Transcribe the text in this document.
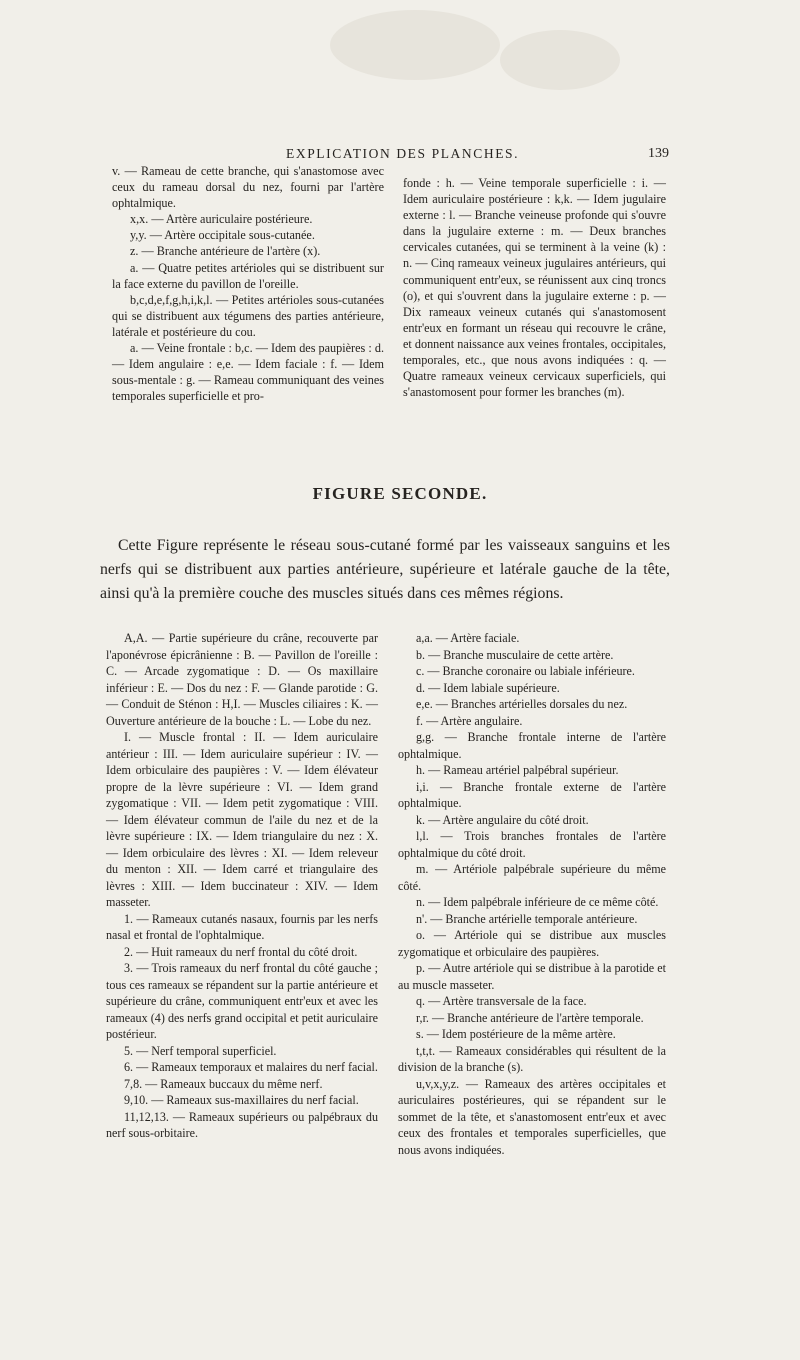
EXPLICATION DES PLANCHES.	139

v. — Rameau de cette branche, qui s'anastomose avec ceux du rameau dorsal du nez, fourni par l'artère ophtalmique.

x,x. — Artère auriculaire postérieure.

y,y. — Artère occipitale sous-cutanée.

z. — Branche antérieure de l'artère (x).

a. — Quatre petites artérioles qui se distribuent sur la face externe du pavillon de l'oreille.

b,c,d,e,f,g,h,i,k,l. — Petites artérioles sous-cutanées qui se distribuent aux tégumens des parties antérieure, latérale et postérieure du cou.

a. — Veine frontale : b,c. — Idem des paupières : d. — Idem angulaire : e,e. — Idem faciale : f. — Idem sous-mentale : g. — Rameau communiquant des veines temporales superficielle et pro-

fonde : h. — Veine temporale superficielle : i. — Idem auriculaire postérieure : k,k. — Idem jugulaire externe : l. — Branche veineuse profonde qui s'ouvre dans la jugulaire externe : m. — Deux branches cervicales cutanées, qui se terminent à la veine (k) : n. — Cinq rameaux veineux jugulaires antérieurs, qui communiquent entr'eux, se réunissent aux cinq troncs (o), et qui s'ouvrent dans la jugulaire externe : p. — Dix rameaux veineux cutanés qui s'anastomosent entr'eux en formant un réseau qui recouvre le crâne, et donnent naissance aux veines frontales, occipitales, temporales, etc., que nous avons indiquées : q. — Quatre rameaux veineux cervicaux superficiels, qui s'anastomosent pour former les branches (m).

FIGURE SECONDE.

Cette Figure représente le réseau sous-cutané formé par les vaisseaux sanguins et les nerfs qui se distribuent aux parties antérieure, supérieure et latérale gauche de la tête, ainsi qu'à la première couche des muscles situés dans ces mêmes régions.

A,A. — Partie supérieure du crâne, recouverte par l'aponévrose épicrânienne : B. — Pavillon de l'oreille : C. — Arcade zygomatique : D. — Os maxillaire inférieur : E. — Dos du nez : F. — Glande parotide : G. — Conduit de Sténon : H,I. — Muscles ciliaires : K. — Ouverture antérieure de la bouche : L. — Lobe du nez.

I. — Muscle frontal : II. — Idem auriculaire antérieur : III. — Idem auriculaire supérieur : IV. — Idem orbiculaire des paupières : V. — Idem élévateur propre de la lèvre supérieure : VI. — Idem grand zygomatique : VII. — Idem petit zygomatique : VIII. — Idem élévateur commun de l'aile du nez et de la lèvre supérieure : IX. — Idem triangulaire du nez : X. — Idem orbiculaire des lèvres : XI. — Idem releveur du menton : XII. — Idem carré et triangulaire des lèvres : XIII. — Idem buccinateur : XIV. — Idem masseter.

1. — Rameaux cutanés nasaux, fournis par les nerfs nasal et frontal de l'ophtalmique.

2. — Huit rameaux du nerf frontal du côté droit.

3. — Trois rameaux du nerf frontal du côté gauche ; tous ces rameaux se répandent sur la partie antérieure et supérieure du crâne, communiquent entr'eux et avec les rameaux (4) des nerfs grand occipital et petit auriculaire postérieur.

5. — Nerf temporal superficiel.

6. — Rameaux temporaux et malaires du nerf facial.

7,8. — Rameaux buccaux du même nerf.

9,10. — Rameaux sus-maxillaires du nerf facial.

11,12,13. — Rameaux supérieurs ou palpébraux du nerf sous-orbitaire.

a,a. — Artère faciale.

b. — Branche musculaire de cette artère.

c. — Branche coronaire ou labiale inférieure.

d. — Idem labiale supérieure.

e,e. — Branches artérielles dorsales du nez.

f. — Artère angulaire.

g,g. — Branche frontale interne de l'artère ophtalmique.

h. — Rameau artériel palpébral supérieur.

i,i. — Branche frontale externe de l'artère ophtalmique.

k. — Artère angulaire du côté droit.

l,l. — Trois branches frontales de l'artère ophtalmique du côté droit.

m. — Artériole palpébrale supérieure du même côté.

n. — Idem palpébrale inférieure de ce même côté.

n'. — Branche artérielle temporale antérieure.

o. — Artériole qui se distribue aux muscles zygomatique et orbiculaire des paupières.

p. — Autre artériole qui se distribue à la parotide et au muscle masseter.

q. — Artère transversale de la face.

r,r. — Branche antérieure de l'artère temporale.

s. — Idem postérieure de la même artère.

t,t,t. — Rameaux considérables qui résultent de la division de la branche (s).

u,v,x,y,z. — Rameaux des artères occipitales et auriculaires postérieures, qui se répandent sur le sommet de la tête, et s'anastomosent entr'eux et avec ceux des frontales et temporales superficielles, que nous avons indiquées.
